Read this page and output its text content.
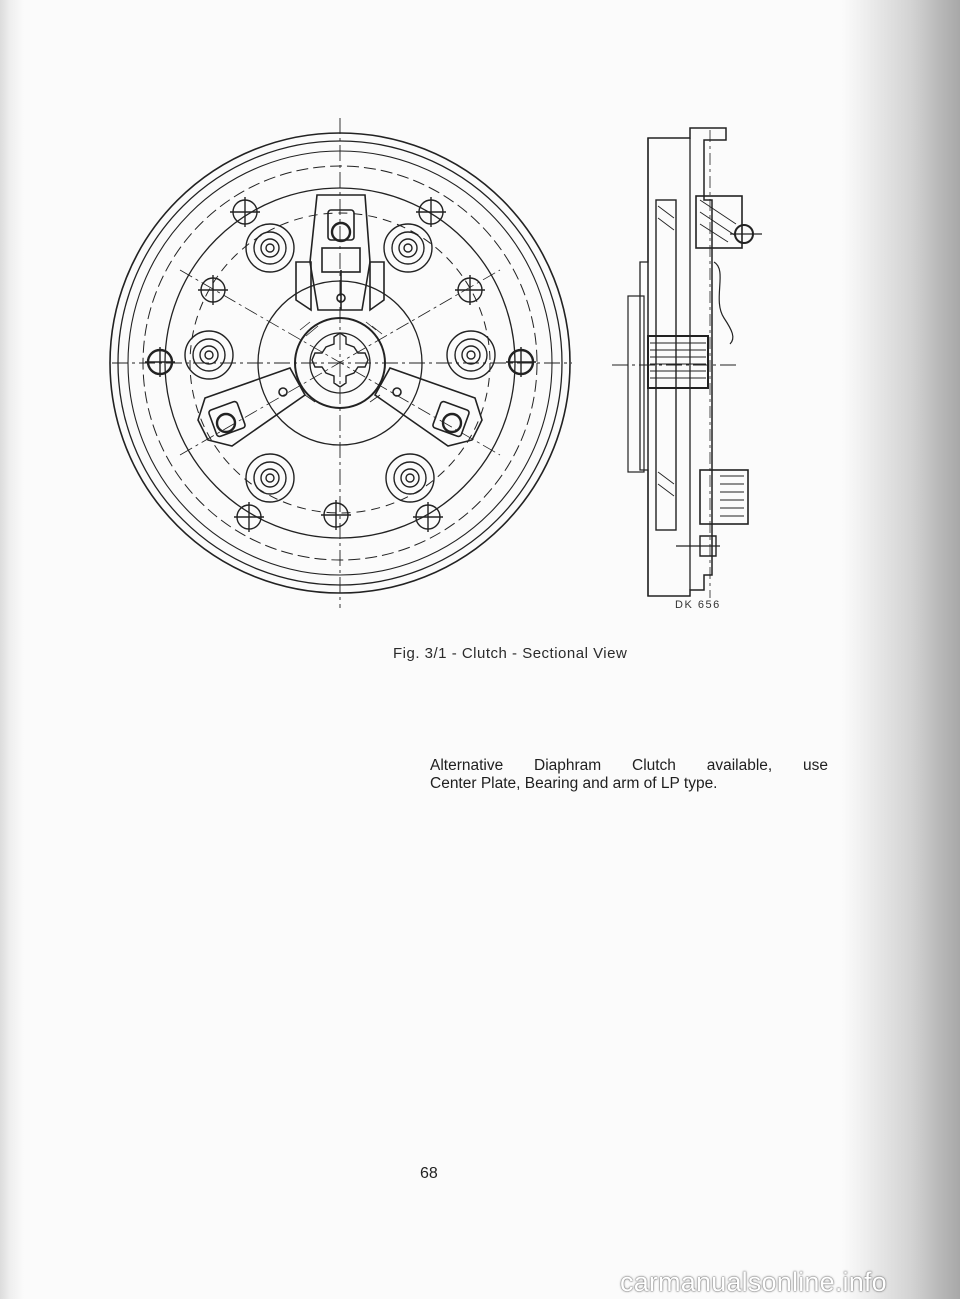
DK 656
Fig. 3/1 - Clutch - Sectional View
Alternative Diaphram Clutch available, use
Center Plate, Bearing and arm of LP type.
68
carmanualsonline.info
